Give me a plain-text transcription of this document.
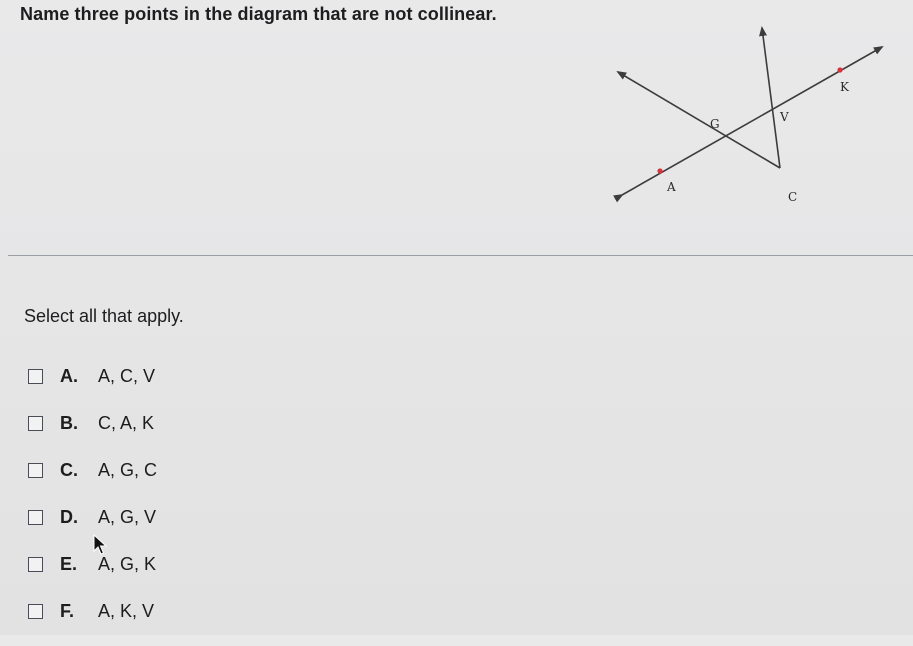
Name three points in the diagram that are not collinear.
K
G	V
A
C
Select all that apply.
A.	A, C, V
B.	C, A, K
C.	A, G, C
D.	A, G, V
E.	A, G, K
F.	A, K, V
